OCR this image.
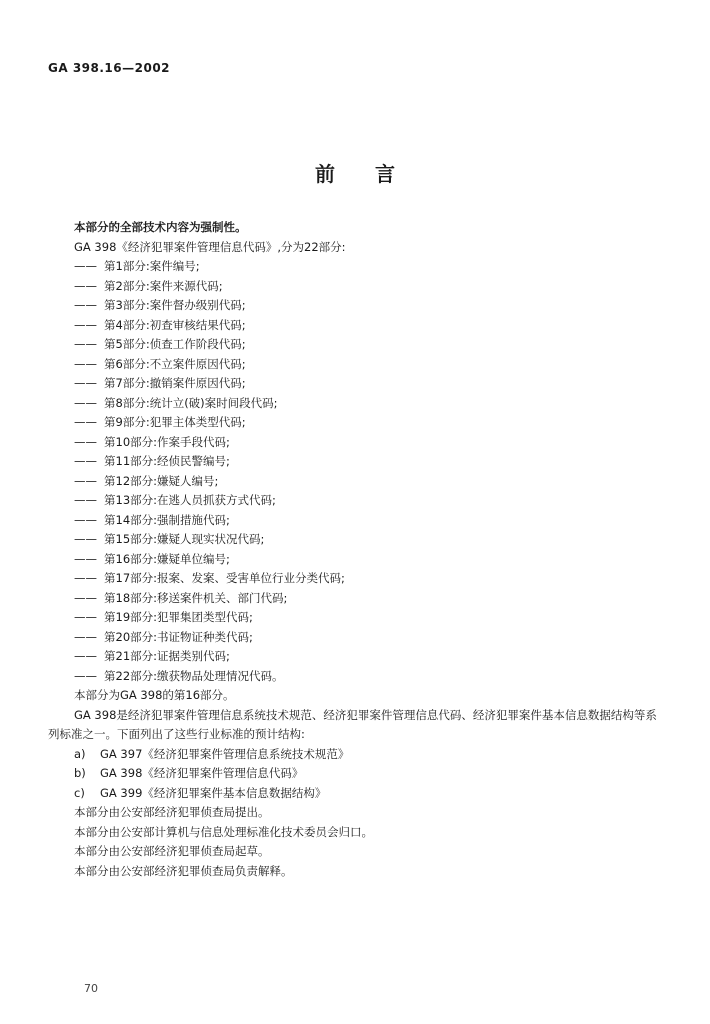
GA 398.16—2002
前言
本部分的全部技术内容为强制性。
GA 398《经济犯罪案件管理信息代码》,分为22部分:
—— 第1部分:案件编号;
—— 第2部分:案件来源代码;
—— 第3部分:案件督办级别代码;
—— 第4部分:初查审核结果代码;
—— 第5部分:侦查工作阶段代码;
—— 第6部分:不立案件原因代码;
—— 第7部分:撤销案件原因代码;
—— 第8部分:统计立(破)案时间段代码;
—— 第9部分:犯罪主体类型代码;
—— 第10部分:作案手段代码;
—— 第11部分:经侦民警编号;
—— 第12部分:嫌疑人编号;
—— 第13部分:在逃人员抓获方式代码;
—— 第14部分:强制措施代码;
—— 第15部分:嫌疑人现实状况代码;
—— 第16部分:嫌疑单位编号;
—— 第17部分:报案、发案、受害单位行业分类代码;
—— 第18部分:移送案件机关、部门代码;
—— 第19部分:犯罪集团类型代码;
—— 第20部分:书证物证种类代码;
—— 第21部分:证据类别代码;
—— 第22部分:缴获物品处理情况代码。
本部分为GA 398的第16部分。
GA 398是经济犯罪案件管理信息系统技术规范、经济犯罪案件管理信息代码、经济犯罪案件基本信息数据结构等系列标准之一。下面列出了这些行业标准的预计结构:
a) GA 397《经济犯罪案件管理信息系统技术规范》
b) GA 398《经济犯罪案件管理信息代码》
c) GA 399《经济犯罪案件基本信息数据结构》
本部分由公安部经济犯罪侦查局提出。
本部分由公安部计算机与信息处理标准化技术委员会归口。
本部分由公安部经济犯罪侦查局起草。
本部分由公安部经济犯罪侦查局负责解释。
70
